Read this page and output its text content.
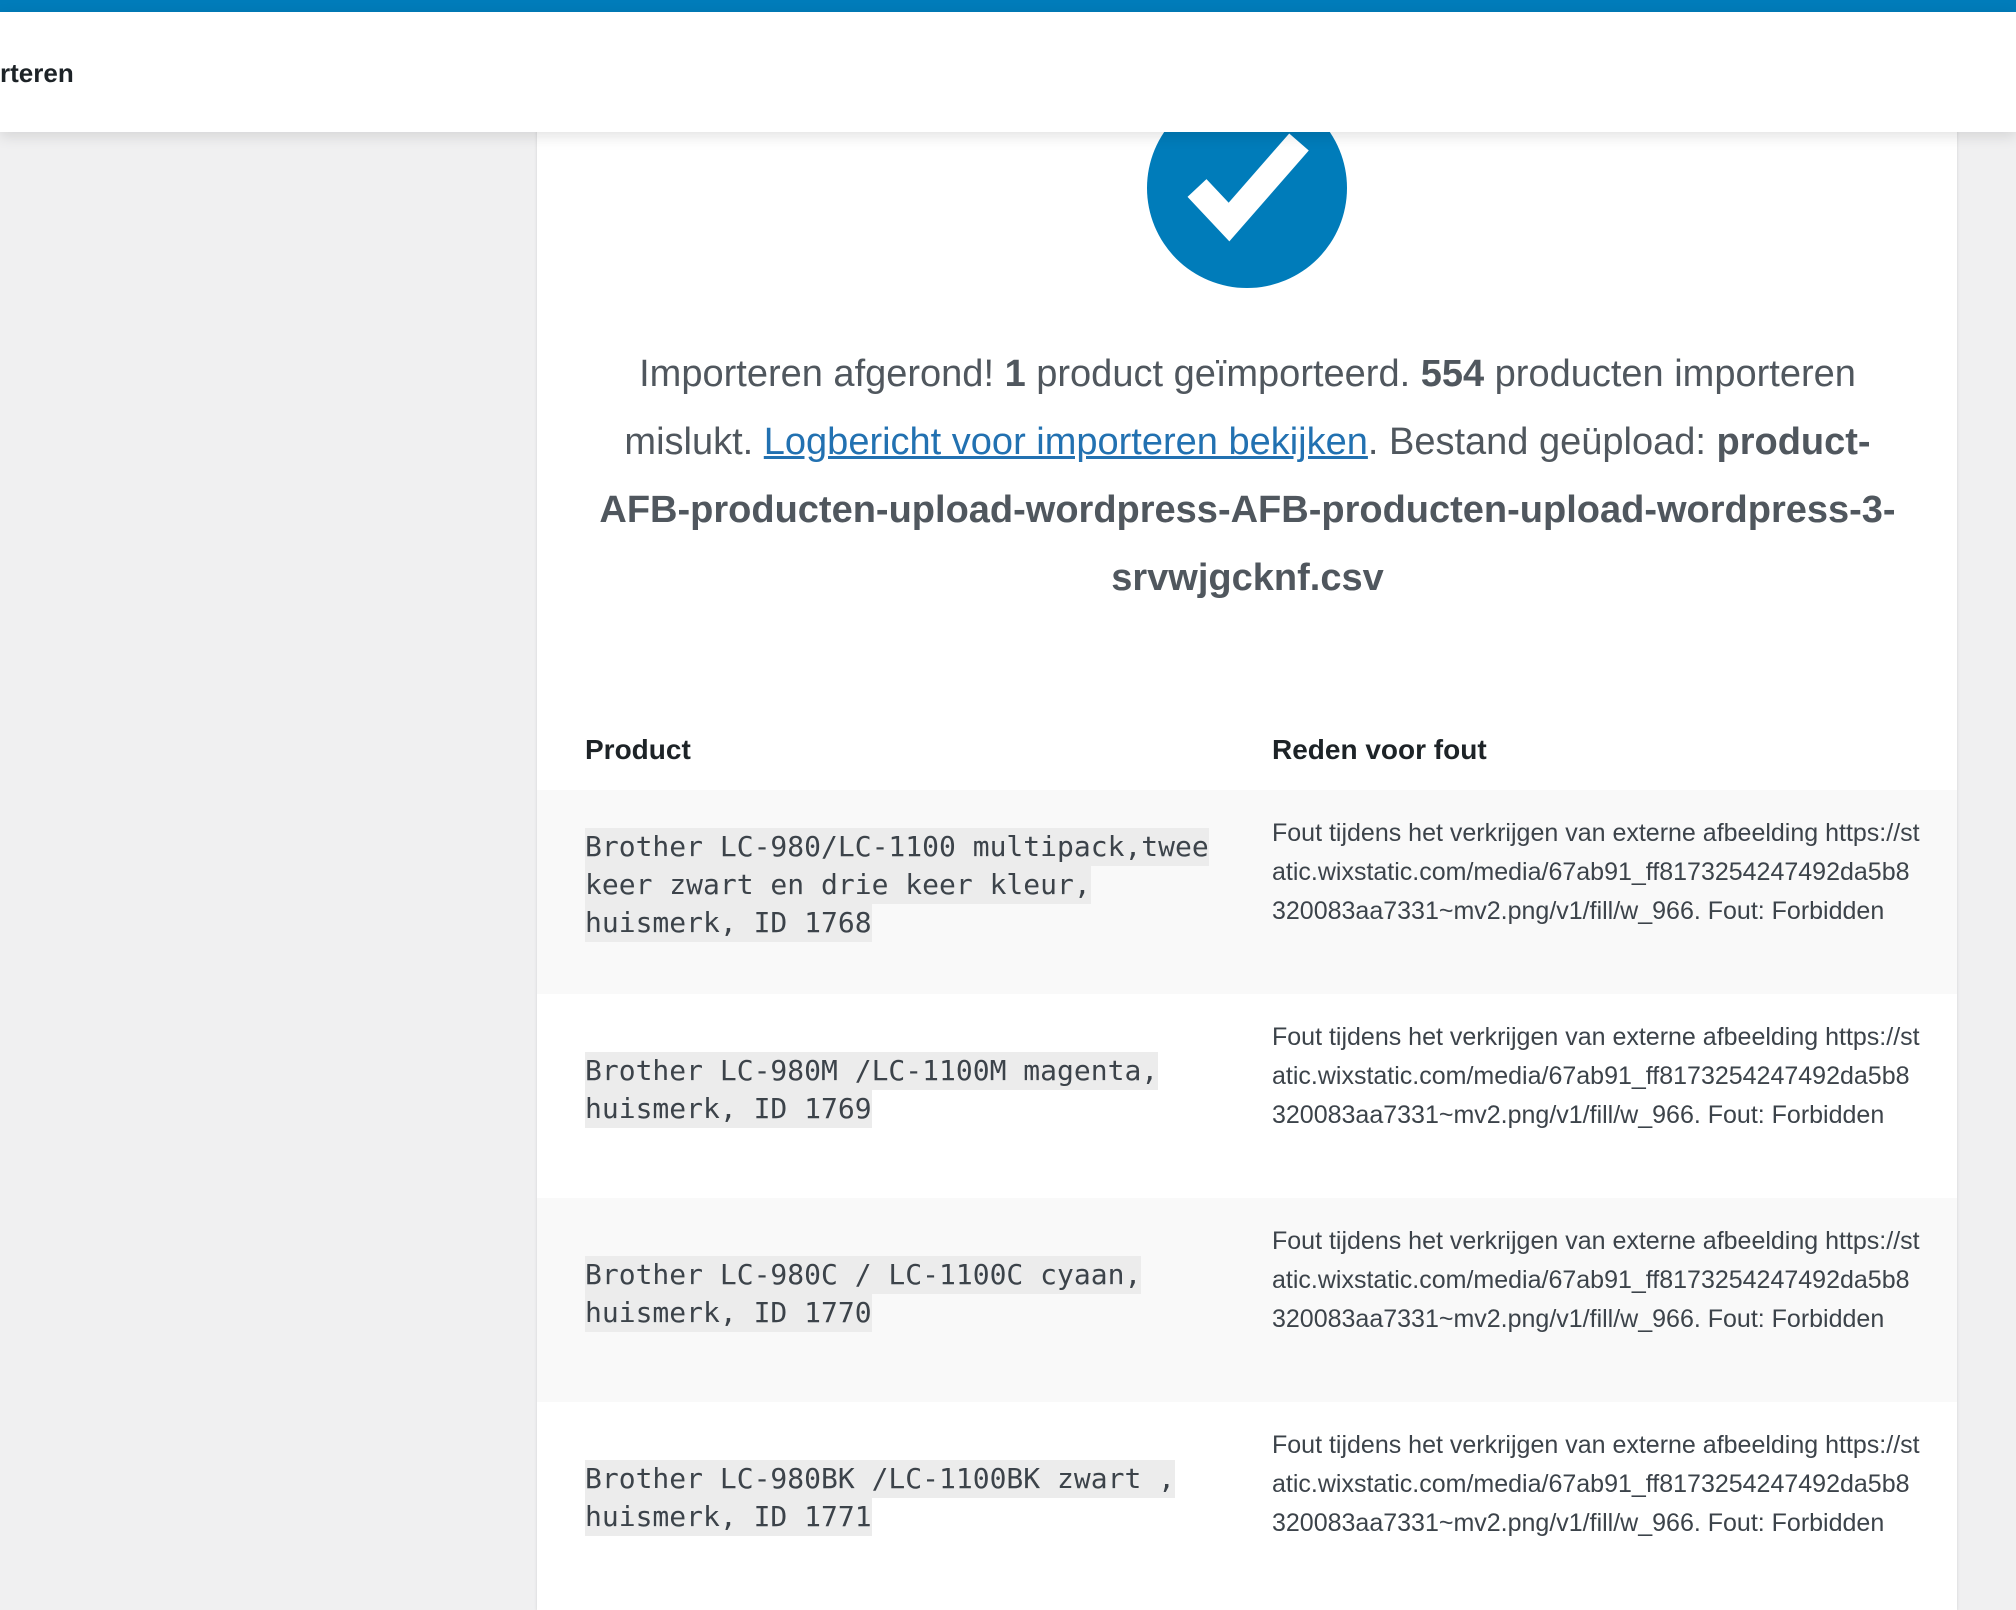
rteren
Importeren afgerond! 1 product geïmporteerd. 554 producten importeren mislukt. Logbericht voor importeren bekijken. Bestand geüpload: product-AFB-producten-upload-wordpress-AFB-producten-upload-wordpress-3-srvwjgcknf.csv
Product	Reden voor fout
Brother LC-980/LC-1100 multipack,twee keer zwart en drie keer kleur, huismerk, ID 1768
Fout tijdens het verkrijgen van externe afbeelding https://static.wixstatic.com/media/67ab91_ff8173254247492da5b8320083aa7331~mv2.png/v1/fill/w_966. Fout: Forbidden
Brother LC-980M /LC-1100M magenta, huismerk, ID 1769
Fout tijdens het verkrijgen van externe afbeelding https://static.wixstatic.com/media/67ab91_ff8173254247492da5b8320083aa7331~mv2.png/v1/fill/w_966. Fout: Forbidden
Brother LC-980C / LC-1100C cyaan, huismerk, ID 1770
Fout tijdens het verkrijgen van externe afbeelding https://static.wixstatic.com/media/67ab91_ff8173254247492da5b8320083aa7331~mv2.png/v1/fill/w_966. Fout: Forbidden
Brother LC-980BK /LC-1100BK zwart , huismerk, ID 1771
Fout tijdens het verkrijgen van externe afbeelding https://static.wixstatic.com/media/67ab91_ff8173254247492da5b8320083aa7331~mv2.png/v1/fill/w_966. Fout: Forbidden
